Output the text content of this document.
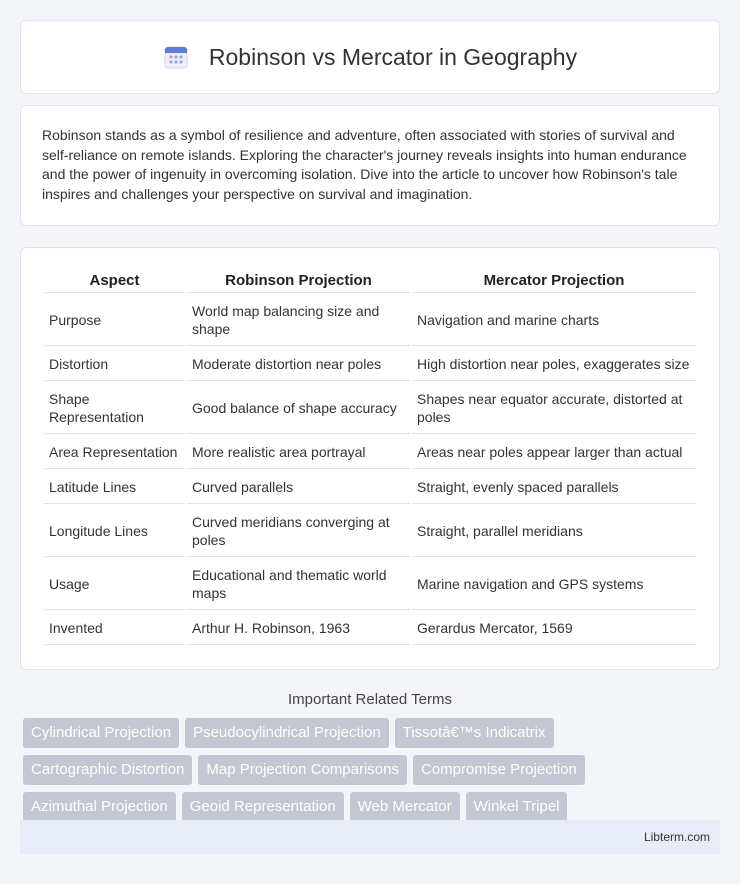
Robinson vs Mercator in Geography

Robinson stands as a symbol of resilience and adventure, often associated with stories of survival and self-reliance on remote islands. Exploring the character's journey reveals insights into human endurance and the power of ingenuity in overcoming isolation. Dive into the article to uncover how Robinson's tale inspires and challenges your perspective on survival and imagination.

Aspect	Robinson Projection	Mercator Projection
Purpose	World map balancing size and shape	Navigation and marine charts
Distortion	Moderate distortion near poles	High distortion near poles, exaggerates size
Shape Representation	Good balance of shape accuracy	Shapes near equator accurate, distorted at poles
Area Representation	More realistic area portrayal	Areas near poles appear larger than actual
Latitude Lines	Curved parallels	Straight, evenly spaced parallels
Longitude Lines	Curved meridians converging at poles	Straight, parallel meridians
Usage	Educational and thematic world maps	Marine navigation and GPS systems
Invented	Arthur H. Robinson, 1963	Gerardus Mercator, 1569
Important Related Terms
Cylindrical Projection	Pseudocylindrical Projection	Tissotâ€™s Indicatrix
Cartographic Distortion	Map Projection Comparisons	Compromise Projection
Azimuthal Projection	Geoid Representation	Web Mercator	Winkel Tripel
Libterm.com
